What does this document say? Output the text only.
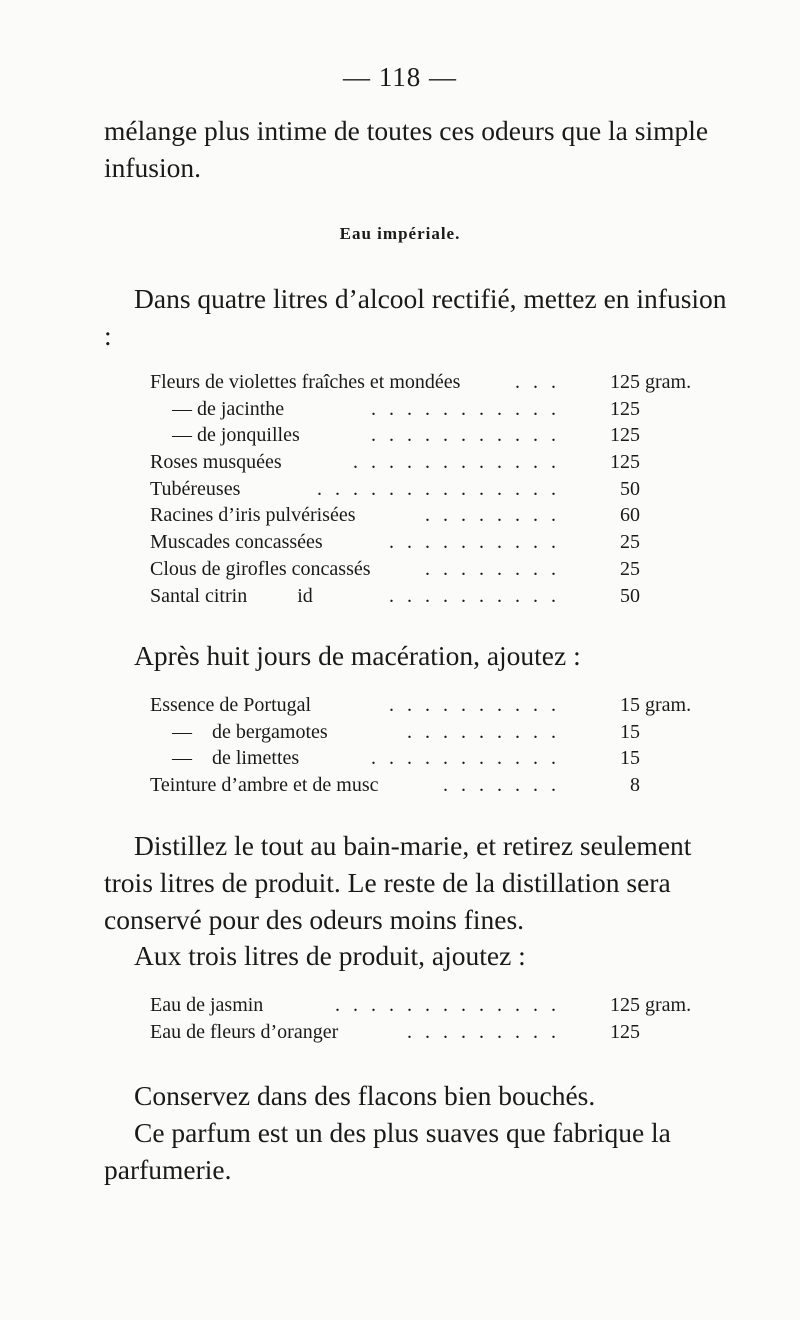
— 118 —

mélange plus intime de toutes ces odeurs que la simple infusion.

Eau impériale.

Dans quatre litres d’alcool rectifié, mettez en infusion :

Fleurs de violettes fraîches et mondées	. . .	125 gram.
— de jacinthe	. . . . . . . . . . .	125
— de jonquilles	. . . . . . . . . . .	125
Roses musquées	. . . . . . . . . . . .	125
Tubéreuses	. . . . . . . . . . . . . .	50
Racines d’iris pulvérisées	. . . . . . . .	60
Muscades concassées	. . . . . . . . . .	25
Clous de girofles concassés	. . . . . . . .	25
Santal citrin          id	. . . . . . . . . .	50

Après huit jours de macération, ajoutez :

Essence de Portugal	. . . . . . . . . .	15 gram.
—    de bergamotes	. . . . . . . . .	15
—    de limettes	. . . . . . . . . . .	15
Teinture d’ambre et de musc	. . . . . . .	8

Distillez le tout au bain-marie, et retirez seulement trois litres de produit. Le reste de la distillation sera conservé pour des odeurs moins fines.

Aux trois litres de produit, ajoutez :

Eau de jasmin	. . . . . . . . . . . . .	125 gram.
Eau de fleurs d’oranger	. . . . . . . . .	125

Conservez dans des flacons bien bouchés.

Ce parfum est un des plus suaves que fabrique la parfumerie.
